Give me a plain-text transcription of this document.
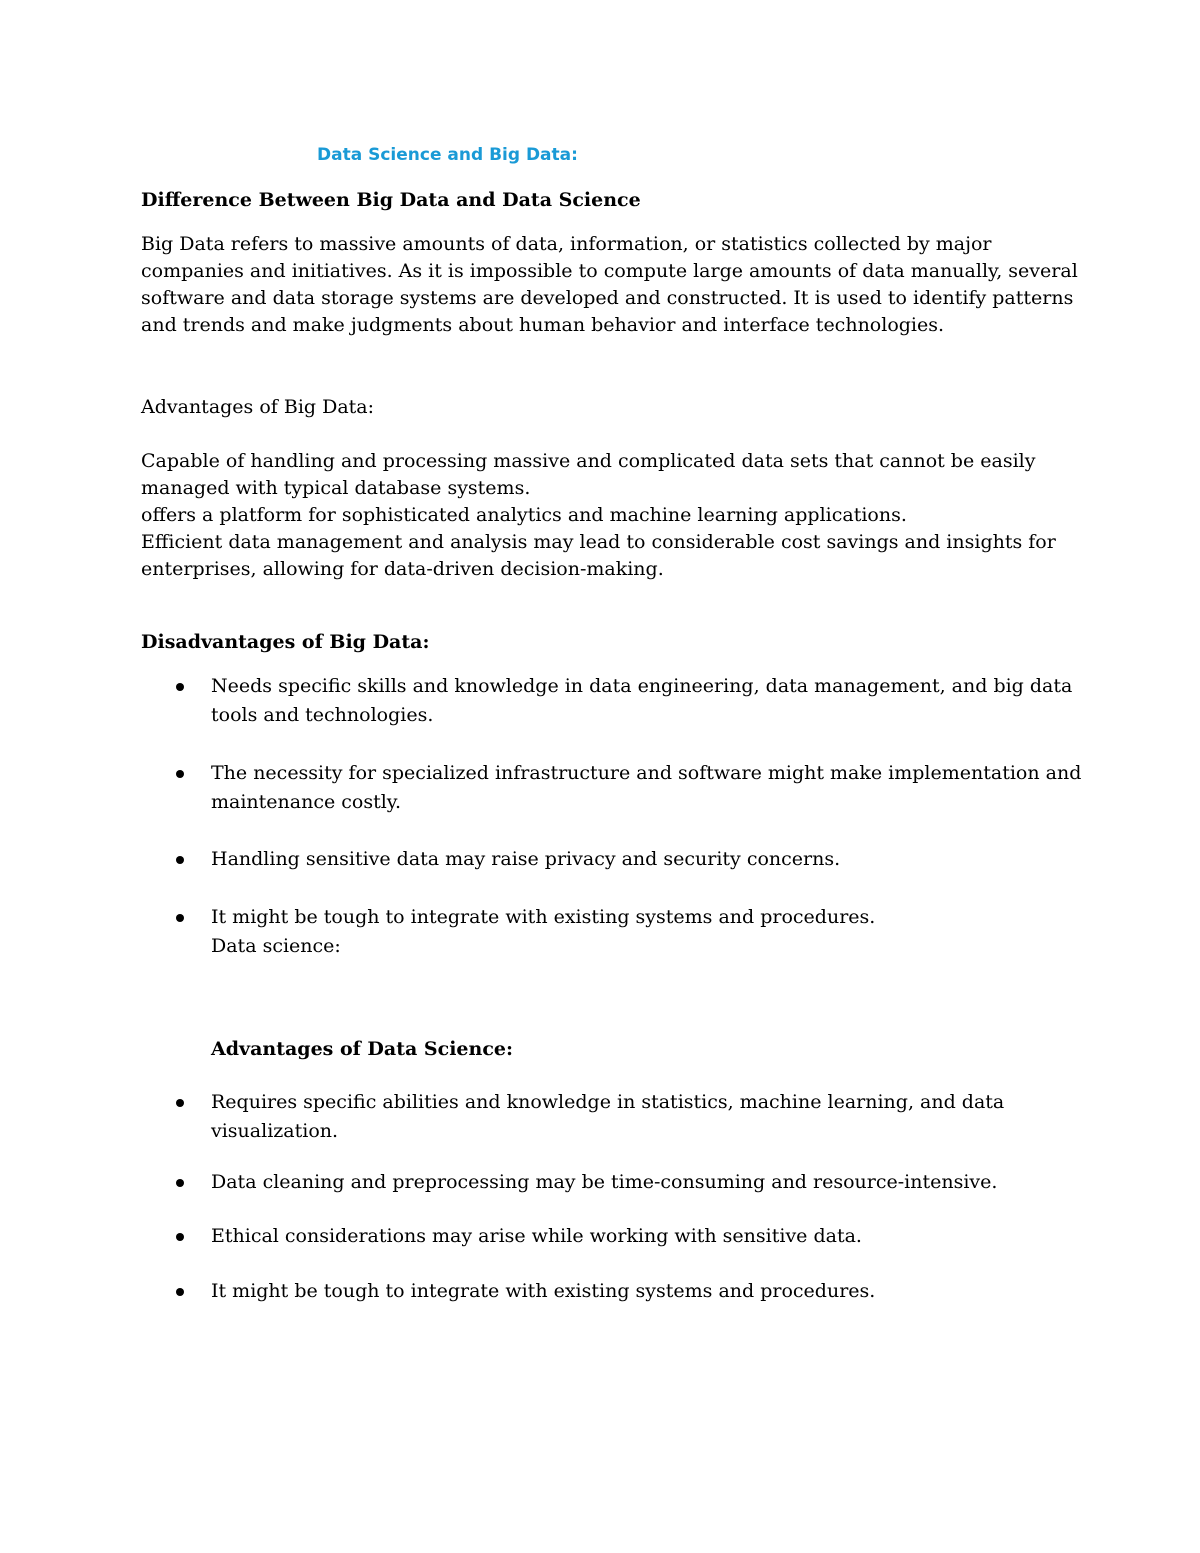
Data Science and Big Data:

Difference Between Big Data and Data Science

Big Data refers to massive amounts of data, information, or statistics collected by major
companies and initiatives. As it is impossible to compute large amounts of data manually, several
software and data storage systems are developed and constructed. It is used to identify patterns
and trends and make judgments about human behavior and interface technologies.

Advantages of Big Data:

Capable of handling and processing massive and complicated data sets that cannot be easily
managed with typical database systems.
offers a platform for sophisticated analytics and machine learning applications.
Efficient data management and analysis may lead to considerable cost savings and insights for
enterprises, allowing for data-driven decision-making.

Disadvantages of Big Data:

Needs specific skills and knowledge in data engineering, data management, and big data
tools and technologies.

The necessity for specialized infrastructure and software might make implementation and
maintenance costly.

Handling sensitive data may raise privacy and security concerns.

It might be tough to integrate with existing systems and procedures.
Data science:

Advantages of Data Science:

Requires specific abilities and knowledge in statistics, machine learning, and data
visualization.

Data cleaning and preprocessing may be time-consuming and resource-intensive.

Ethical considerations may arise while working with sensitive data.

It might be tough to integrate with existing systems and procedures.
